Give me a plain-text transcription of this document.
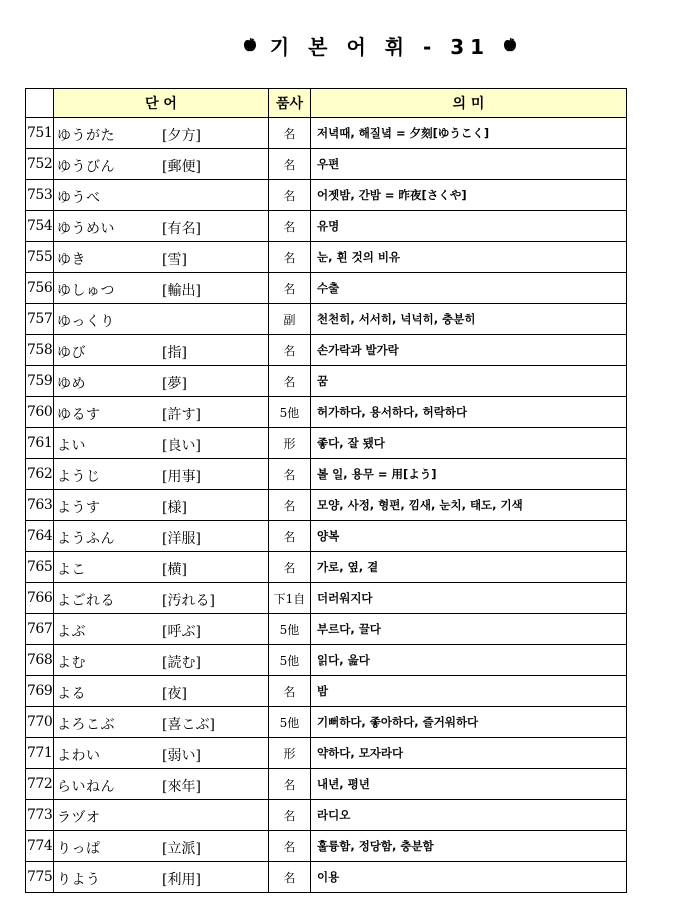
기 본 어 휘 - 31
	단 어	품사	의 미
751	ゆうがた [夕方]	名	저녁때, 해질녘 = 夕刻[ゆうこく]
752	ゆうびん [郵便]	名	우편
753	ゆうべ	名	어젯밤, 간밤 = 昨夜[さくや]
754	ゆうめい [有名]	名	유명
755	ゆき [雪]	名	눈, 흰 것의 비유
756	ゆしゅつ [輸出]	名	수출
757	ゆっくり	副	천천히, 서서히, 넉넉히, 충분히
758	ゆび [指]	名	손가락과 발가락
759	ゆめ [夢]	名	꿈
760	ゆるす [許す]	5他	허가하다, 용서하다, 허락하다
761	よい [良い]	形	좋다, 잘 됐다
762	ようじ [用事]	名	볼 일, 용무 = 用[よう]
763	ようす [様]	名	모양, 사정, 형편, 낌새, 눈치, 태도, 기색
764	ようふん [洋服]	名	양복
765	よこ [横]	名	가로, 옆, 곁
766	よごれる [汚れる]	下1自	더러워지다
767	よぶ [呼ぶ]	5他	부르다, 끌다
768	よむ [読む]	5他	읽다, 읊다
769	よる [夜]	名	밤
770	よろこぶ [喜こぶ]	5他	기뻐하다, 좋아하다, 즐거워하다
771	よわい [弱い]	形	약하다, 모자라다
772	らいねん [來年]	名	내년, 평년
773	ラヅオ	名	라디오
774	りっぱ [立派]	名	훌륭함, 정당함, 충분함
775	りよう [利用]	名	이용
